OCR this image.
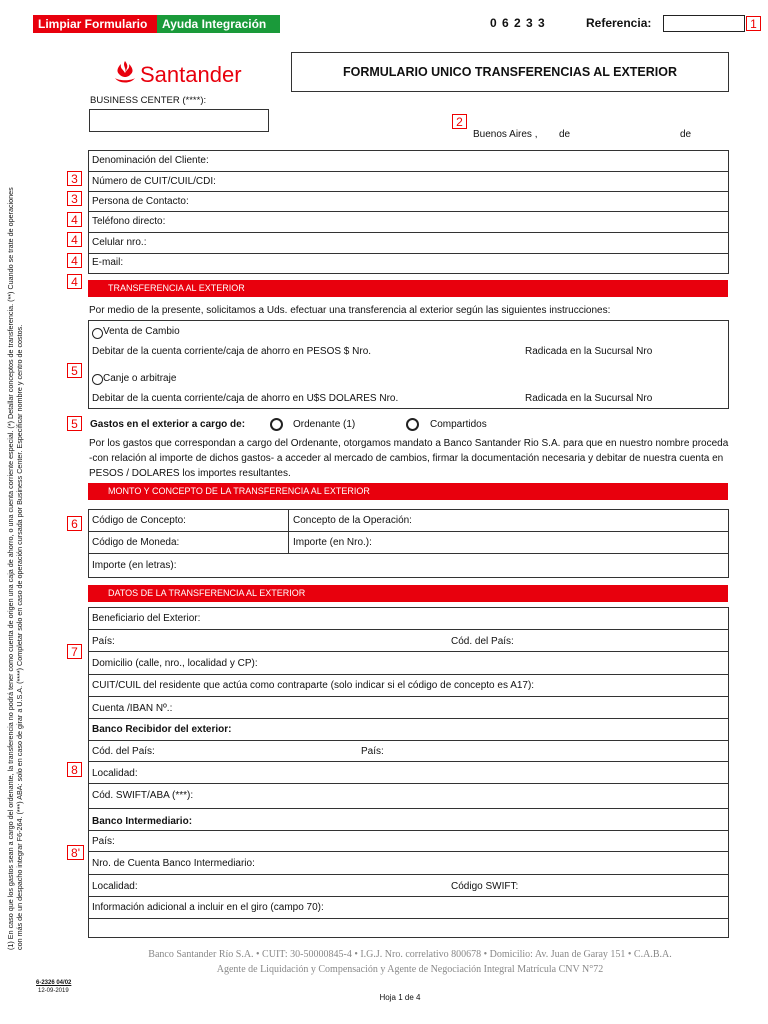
Limpiar Formulario	Ayuda Integración	0 6 2 3 3	Referencia:	1
Santander	FORMULARIO UNICO TRANSFERENCIAS AL EXTERIOR
BUSINESS CENTER (****):
2
Buenos Aires , de	de
Denominación del Cliente:
Número de CUIT/CUIL/CDI:
Persona de Contacto:
Teléfono directo:
Celular nro.:
E-mail:
3
3
4
4
4
4	TRANSFERENCIA AL EXTERIOR
Por medio de la presente, solicitamos a Uds. efectuar una transferencia al exterior según las siguientes instrucciones:
Venta de Cambio
Debitar de la cuenta corriente/caja de ahorro en PESOS $ Nro.	Radicada en la Sucursal Nro
Canje o arbitraje
Debitar de la cuenta corriente/caja de ahorro en U$S DOLARES Nro.	Radicada en la Sucursal Nro
5
5	Gastos en el exterior a cargo de:	Ordenante (1)	Compartidos
Por los gastos que correspondan a cargo del Ordenante, otorgamos mandato a Banco Santander Rio S.A. para que en nuestro nombre proceda -con relación al importe de dichos gastos- a acceder al mercado de cambios, firmar la documentación necesaria y debitar de nuestra cuenta en PESOS / DOLARES los importes resultantes.
MONTO Y CONCEPTO DE LA TRANSFERENCIA AL EXTERIOR
Código de Concepto:	Concepto de la Operación:
Código de Moneda:	Importe (en Nro.):
Importe (en letras):
6
DATOS DE LA TRANSFERENCIA AL EXTERIOR
Beneficiario del Exterior:
País:	Cód. del País:
Domicilio (calle, nro., localidad y CP):
CUIT/CUIL del residente que actúa como contraparte (solo indicar si el código de concepto es A17):
Cuenta /IBAN Nº.:
Banco Recibidor del exterior:
Cód. del País:	País:
Localidad:
Cód. SWIFT/ABA (***):
Banco Intermediario:
País:
Nro. de Cuenta Banco Intermediario:
Localidad:	Código SWIFT:
Información adicional a incluir en el giro (campo 70):
7
8
8'
(1) En caso que los gastos sean a cargo del ordenante, la transferencia no podrá tener como cuenta de origen una caja de ahorro, o una cuenta corriente especial. (*) Detallar conceptos de transferencia. (**) Cuando se trate de operaciones con más de un despacho integrar F6-264. (***) ABA: solo en caso de girar a U.S.A. (****) Completar solo en caso de operación cursada por Business Center. Especificar nombre y centro de costos.
6-2326 04/02
12-09-2019
Banco Santander Río S.A. • CUIT: 30-50000845-4 • I.G.J. Nro. correlativo 800678 • Domicilio: Av. Juan de Garay 151 • C.A.B.A.
Agente de Liquidación y Compensación y Agente de Negociación Integral Matrícula CNV N°72
Hoja 1 de 4
